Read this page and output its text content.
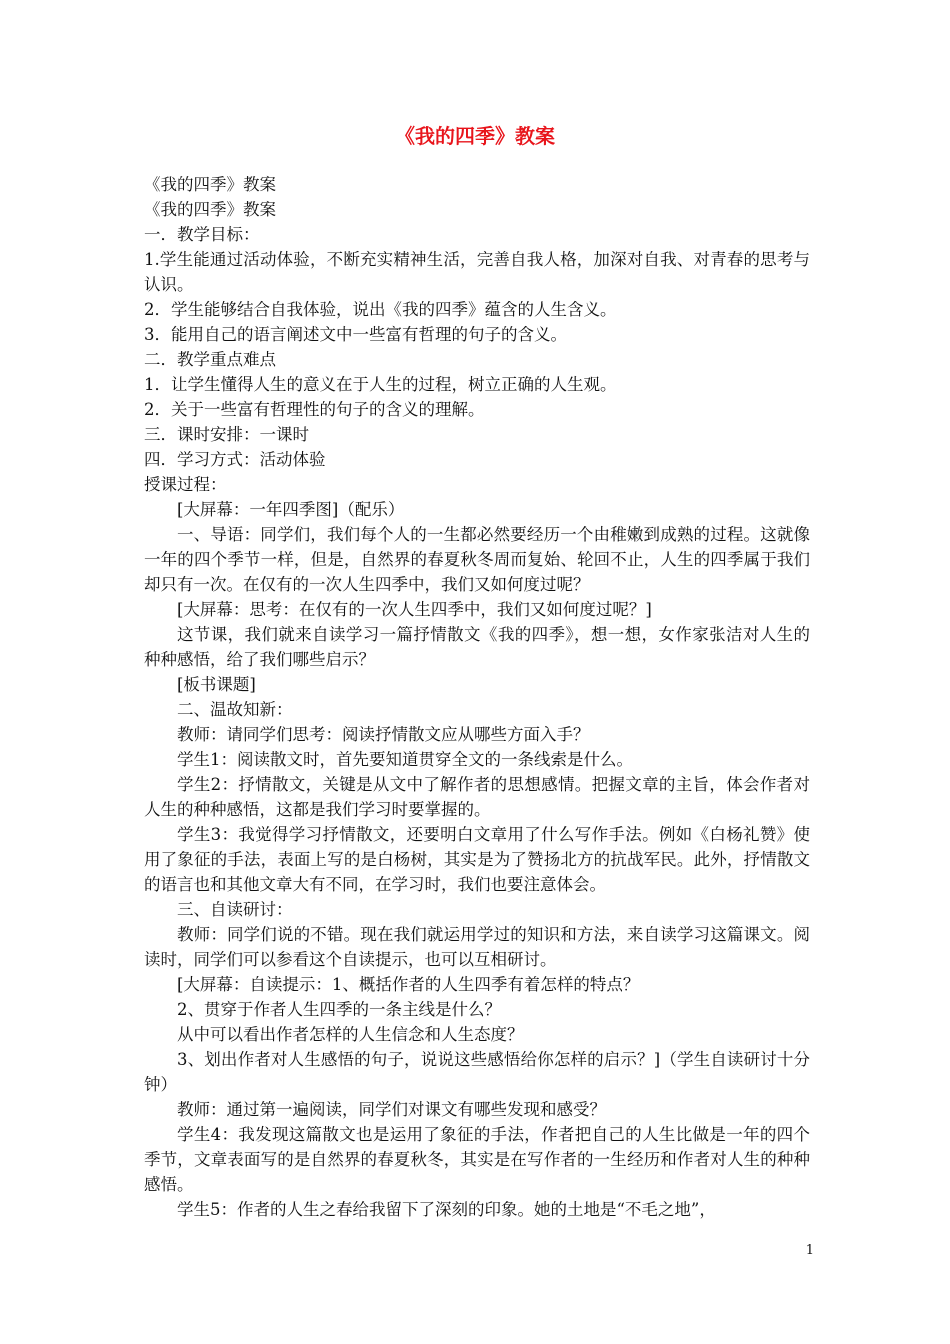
《我的四季》教案

《我的四季》教案

《我的四季》教案

一．教学目标：

1.学生能通过活动体验，不断充实精神生活，完善自我人格，加深对自我、对青春的思考与认识。

2．学生能够结合自我体验，说出《我的四季》蕴含的人生含义。

3．能用自己的语言阐述文中一些富有哲理的句子的含义。

二．教学重点难点

1．让学生懂得人生的意义在于人生的过程，树立正确的人生观。

2．关于一些富有哲理性的句子的含义的理解。

三．课时安排：一课时

四．学习方式：活动体验

授课过程：

[大屏幕：一年四季图]（配乐）

一、导语：同学们，我们每个人的一生都必然要经历一个由稚嫩到成熟的过程。这就像一年的四个季节一样，但是，自然界的春夏秋冬周而复始、轮回不止，人生的四季属于我们却只有一次。在仅有的一次人生四季中，我们又如何度过呢？

[大屏幕：思考：在仅有的一次人生四季中，我们又如何度过呢？]

这节课，我们就来自读学习一篇抒情散文《我的四季》，想一想，女作家张洁对人生的种种感悟，给了我们哪些启示？

[板书课题]

二、温故知新：

教师：请同学们思考：阅读抒情散文应从哪些方面入手？

学生1：阅读散文时，首先要知道贯穿全文的一条线索是什么。

学生2：抒情散文，关键是从文中了解作者的思想感情。把握文章的主旨，体会作者对人生的种种感悟，这都是我们学习时要掌握的。

学生3：我觉得学习抒情散文，还要明白文章用了什么写作手法。例如《白杨礼赞》使用了象征的手法，表面上写的是白杨树，其实是为了赞扬北方的抗战军民。此外，抒情散文的语言也和其他文章大有不同，在学习时，我们也要注意体会。

三、自读研讨：

教师：同学们说的不错。现在我们就运用学过的知识和方法，来自读学习这篇课文。阅读时，同学们可以参看这个自读提示，也可以互相研讨。

[大屏幕：自读提示：1、概括作者的人生四季有着怎样的特点？

2、贯穿于作者人生四季的一条主线是什么？

从中可以看出作者怎样的人生信念和人生态度？

3、划出作者对人生感悟的句子，说说这些感悟给你怎样的启示？]（学生自读研讨十分钟）

教师：通过第一遍阅读，同学们对课文有哪些发现和感受？

学生4：我发现这篇散文也是运用了象征的手法，作者把自己的人生比做是一年的四个季节，文章表面写的是自然界的春夏秋冬，其实是在写作者的一生经历和作者对人生的种种感悟。

学生5：作者的人生之春给我留下了深刻的印象。她的土地是“不毛之地”，

1
